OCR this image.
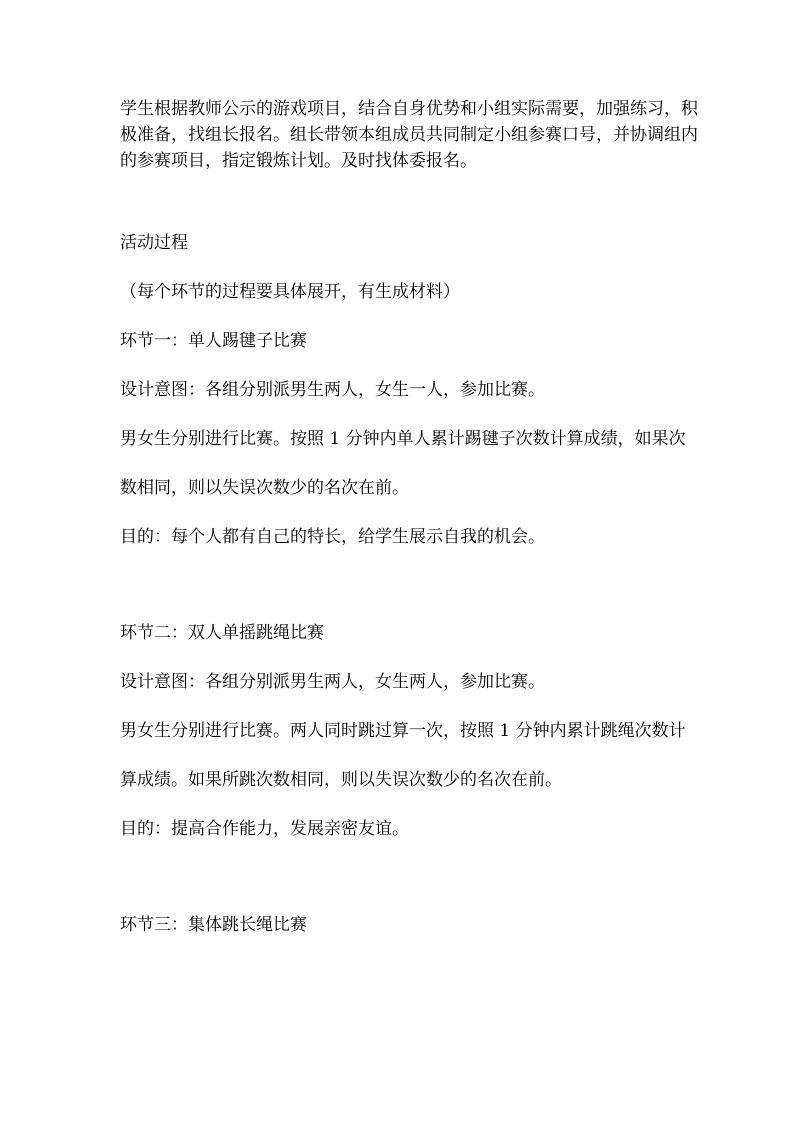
学生根据教师公示的游戏项目，结合自身优势和小组实际需要，加强练习，积极准备，找组长报名。组长带领本组成员共同制定小组参赛口号，并协调组内的参赛项目，指定锻炼计划。及时找体委报名。

活动过程

（每个环节的过程要具体展开，有生成材料）

环节一：单人踢毽子比赛

设计意图：各组分别派男生两人，女生一人，参加比赛。

男女生分别进行比赛。按照 1 分钟内单人累计踢毽子次数计算成绩，如果次

数相同，则以失误次数少的名次在前。

目的：每个人都有自己的特长，给学生展示自我的机会。

环节二：双人单摇跳绳比赛

设计意图：各组分别派男生两人，女生两人，参加比赛。

男女生分别进行比赛。两人同时跳过算一次，按照 1 分钟内累计跳绳次数计

算成绩。如果所跳次数相同，则以失误次数少的名次在前。

目的：提高合作能力，发展亲密友谊。

环节三：集体跳长绳比赛
